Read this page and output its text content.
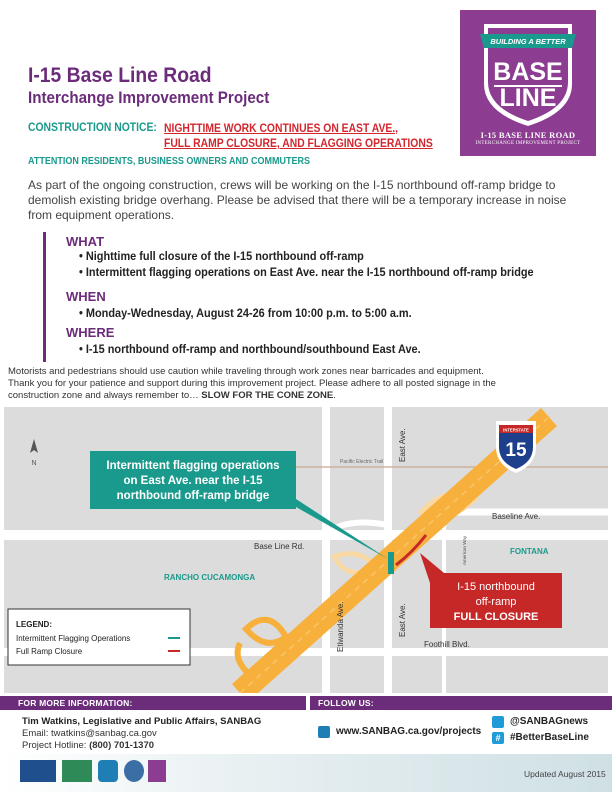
I-15 Base Line Road
Interchange Improvement Project
BUILDING A BETTER
BASE
LINE
I-15 BASE LINE ROAD
INTERCHANGE IMPROVEMENT PROJECT
CONSTRUCTION NOTICE: NIGHTTIME WORK CONTINUES ON EAST AVE.,
FULL RAMP CLOSURE, AND FLAGGING OPERATIONS
ATTENTION RESIDENTS, BUSINESS OWNERS AND COMMUTERS
As part of the ongoing construction, crews will be working on the I-15 northbound off-ramp bridge to demolish existing bridge overhang. Please be advised that there will be a temporary increase in noise from equipment operations.
WHAT
• Nighttime full closure of the I-15 northbound off-ramp
• Intermittent flagging operations on East Ave. near the I-15 northbound off-ramp bridge
WHEN
• Monday-Wednesday, August 24-26 from 10:00 p.m. to 5:00 a.m.
WHERE
• I-15 northbound off-ramp and northbound/southbound East Ave.
Motorists and pedestrians should use caution while traveling through work zones near barricades and equipment.
Thank you for your patience and support during this improvement project. Please adhere to all posted signage in the
construction zone and always remember to… SLOW FOR THE CONE ZONE.
N
INTERSTATE
15
Pacific Electric Trail East Ave.
East Ave.
Etiwanda Ave.
Baseline Ave.
Base Line Rd.	American Way	FONTANA
RANCHO CUCAMONGA
Foothill Blvd.
Intermittent flagging operations
on East Ave. near the I-15
northbound off-ramp bridge
I-15 northbound
off-ramp
FULL CLOSURE
LEGEND:
Intermittent Flagging Operations
Full Ramp Closure
FOR MORE INFORMATION:	FOLLOW US:
Tim Watkins, Legislative and Public Affairs, SANBAG
Email: twatkins@sanbag.ca.gov
Project Hotline: (800) 701-1370
www.SANBAG.ca.gov/projects
@SANBAGnews
# #BetterBaseLine
Updated August 2015
